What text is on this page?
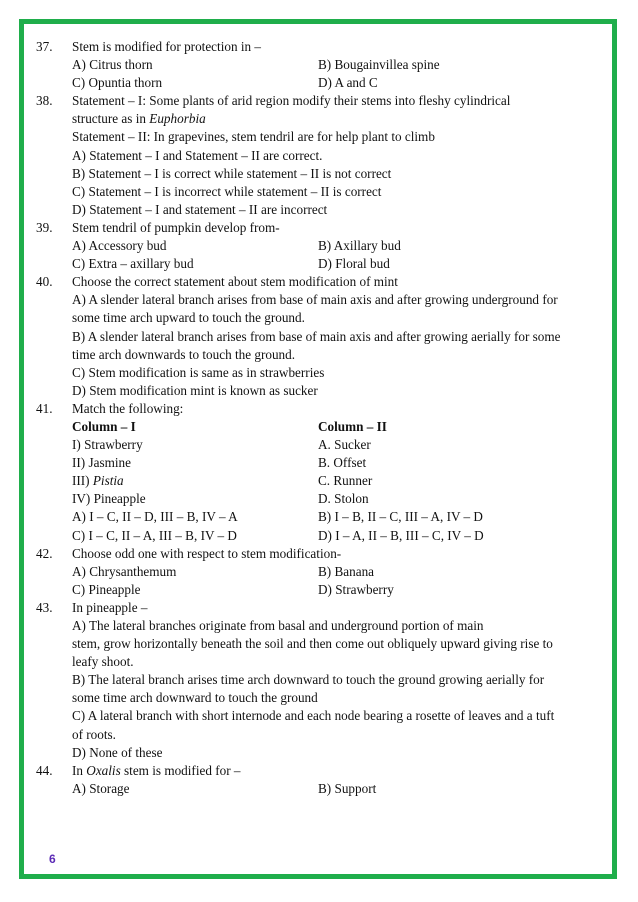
37. Stem is modified for protection in –
A) Citrus thorn	B) Bougainvillea spine
C) Opuntia thorn	D) A and C
38. Statement – I: Some plants of arid region modify their stems into fleshy cylindrical
structure as in Euphorbia
Statement – II: In grapevines, stem tendril are for help plant to climb
A) Statement – I and Statement – II are correct.
B) Statement – I is correct while statement – II is not correct
C) Statement – I is incorrect while statement – II is correct
D) Statement – I and statement – II are incorrect
39. Stem tendril of pumpkin develop from-
A) Accessory bud	B) Axillary bud
C) Extra – axillary bud	D) Floral bud
40. Choose the correct statement about stem modification of mint
A) A slender lateral branch arises from base of main axis and after growing underground for
some time arch upward to touch the ground.
B) A slender lateral branch arises from base of main axis and after growing aerially for some
time arch downwards to touch the ground.
C) Stem modification is same as in strawberries
D) Stem modification mint is known as sucker
41. Match the following:
Column – I	Column – II
I) Strawberry	A. Sucker
II) Jasmine	B. Offset
III) Pistia	C. Runner
IV) Pineapple	D. Stolon
A) I – C, II – D, III – B, IV – A	B) I – B, II – C, III – A, IV – D
C) I – C, II – A, III – B, IV – D	D) I – A, II – B, III – C, IV – D
42. Choose odd one with respect to stem modification-
A) Chrysanthemum	B) Banana
C) Pineapple	D) Strawberry
43. In pineapple –
A) The lateral branches originate from basal and underground portion of main
stem, grow horizontally beneath the soil and then come out obliquely upward giving rise to
leafy shoot.
B) The lateral branch arises time arch downward to touch the ground growing aerially for
some time arch downward to touch the ground
C) A lateral branch with short internode and each node bearing a rosette of leaves and a tuft
of roots.
D) None of these
44. In Oxalis stem is modified for –
A) Storage	B) Support
6
